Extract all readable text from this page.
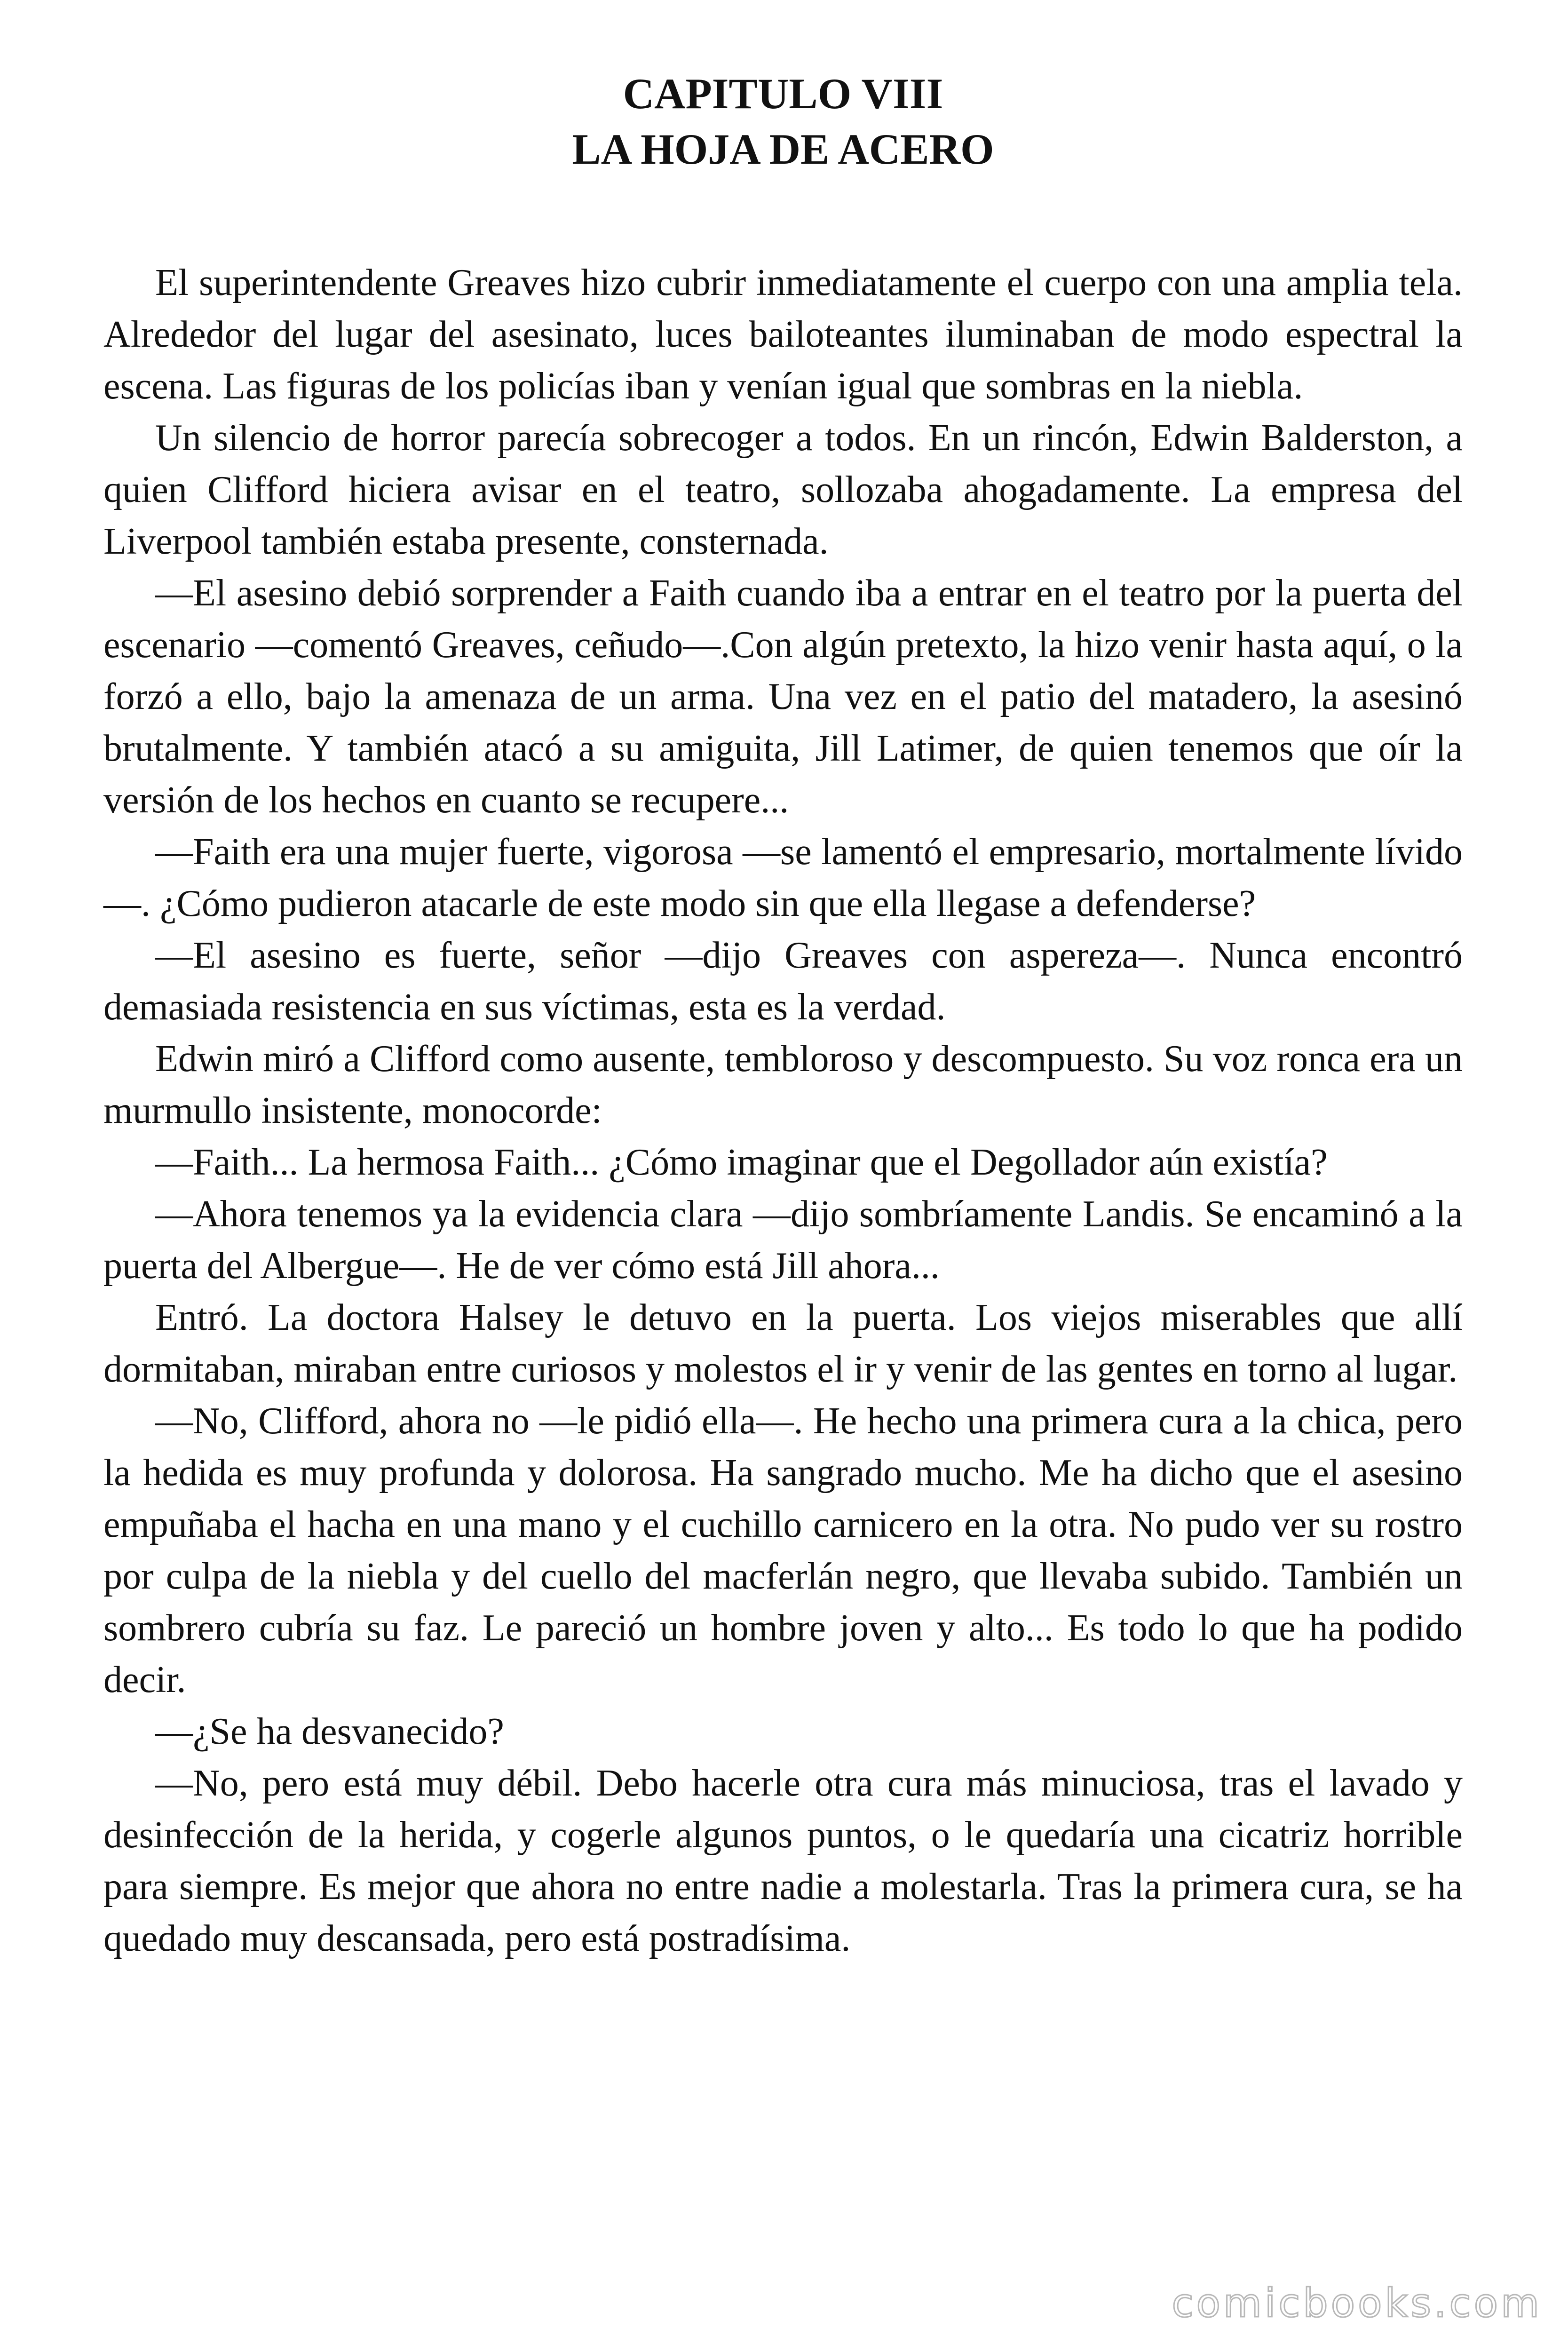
CAPITULO VIII
LA HOJA DE ACERO

El superintendente Greaves hizo cubrir inmediatamente el cuerpo con una amplia tela. Alrededor del lugar del asesinato, luces bailoteantes iluminaban de modo espectral la escena. Las figuras de los policías iban y venían igual que sombras en la niebla.

Un silencio de horror parecía sobrecoger a todos. En un rincón, Edwin Balderston, a quien Clifford hiciera avisar en el teatro, sollozaba ahogadamente. La empresa del Liverpool también estaba presente, consternada.

—El asesino debió sorprender a Faith cuando iba a entrar en el teatro por la puerta del escenario —comentó Greaves, ceñudo—.Con algún pretexto, la hizo venir hasta aquí, o la forzó a ello, bajo la amenaza de un arma. Una vez en el patio del matadero, la asesinó brutalmente. Y también atacó a su amiguita, Jill Latimer, de quien tenemos que oír la versión de los hechos en cuanto se recupere...

—Faith era una mujer fuerte, vigorosa —se lamentó el empresario, mortalmente lívido—. ¿Cómo pudieron atacarle de este modo sin que ella llegase a defenderse?

—El asesino es fuerte, señor —dijo Greaves con aspereza—. Nunca encontró demasiada resistencia en sus víctimas, esta es la verdad.

Edwin miró a Clifford como ausente, tembloroso y descompuesto. Su voz ronca era un murmullo insistente, monocorde:

—Faith... La hermosa Faith... ¿Cómo imaginar que el Degollador aún existía?

—Ahora tenemos ya la evidencia clara —dijo sombríamente Landis. Se encaminó a la puerta del Albergue—. He de ver cómo está Jill ahora...

Entró. La doctora Halsey le detuvo en la puerta. Los viejos miserables que allí dormitaban, miraban entre curiosos y molestos el ir y venir de las gentes en torno al lugar.

—No, Clifford, ahora no —le pidió ella—. He hecho una primera cura a la chica, pero la hedida es muy profunda y dolorosa. Ha sangrado mucho. Me ha dicho que el asesino empuñaba el hacha en una mano y el cuchillo carnicero en la otra. No pudo ver su rostro por culpa de la niebla y del cuello del macferlán negro, que llevaba subido. También un sombrero cubría su faz. Le pareció un hombre joven y alto... Es todo lo que ha podido decir.

—¿Se ha desvanecido?

—No, pero está muy débil. Debo hacerle otra cura más minuciosa, tras el lavado y desinfección de la herida, y cogerle algunos puntos, o le quedaría una cicatriz horrible para siempre. Es mejor que ahora no entre nadie a molestarla. Tras la primera cura, se ha quedado muy descansada, pero está postradísima.

comicbooks.com
